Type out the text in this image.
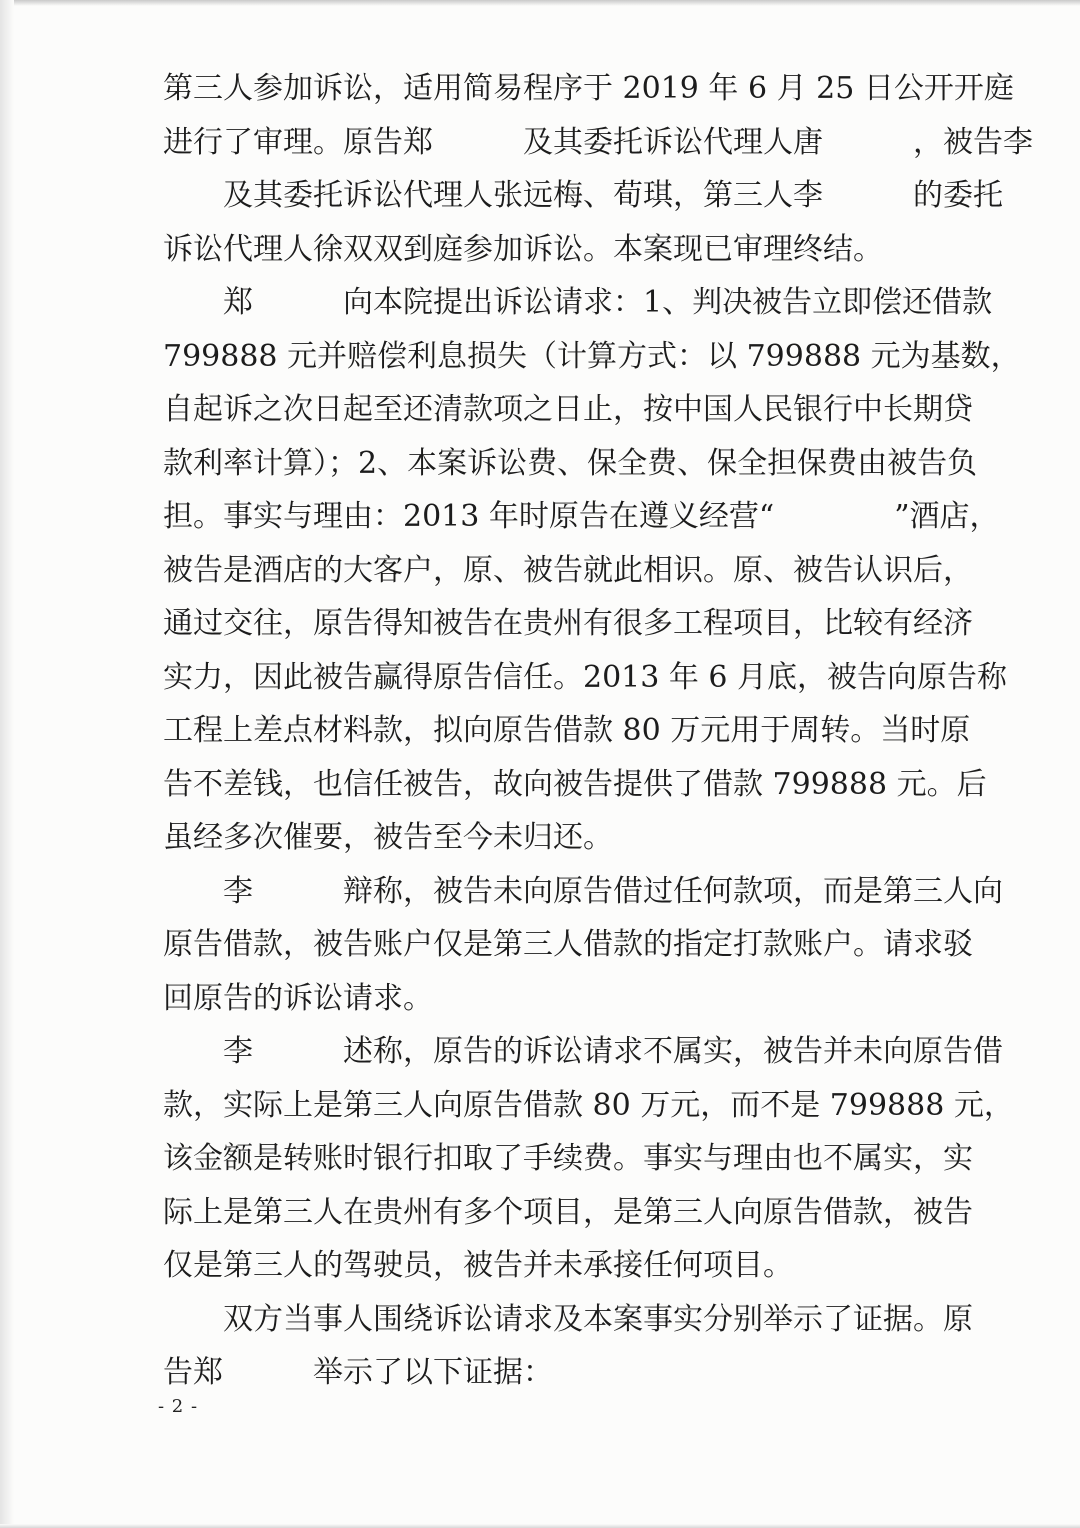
第三人参加诉讼，适用简易程序于 2019 年 6 月 25 日公开开庭
进行了审理。原告郑　　　及其委托诉讼代理人唐　　　，被告李
及其委托诉讼代理人张远梅、荀琪，第三人李　　　的委托
诉讼代理人徐双双到庭参加诉讼。本案现已审理终结。
郑　　　向本院提出诉讼请求：1、判决被告立即偿还借款
799888 元并赔偿利息损失（计算方式：以 799888 元为基数，
自起诉之次日起至还清款项之日止，按中国人民银行中长期贷
款利率计算）；2、本案诉讼费、保全费、保全担保费由被告负
担。事实与理由：2013 年时原告在遵义经营“　　　　”酒店，
被告是酒店的大客户，原、被告就此相识。原、被告认识后，
通过交往，原告得知被告在贵州有很多工程项目，比较有经济
实力，因此被告赢得原告信任。2013 年 6 月底，被告向原告称
工程上差点材料款，拟向原告借款 80 万元用于周转。当时原
告不差钱，也信任被告，故向被告提供了借款 799888 元。后
虽经多次催要，被告至今未归还。
李　　　辩称，被告未向原告借过任何款项，而是第三人向
原告借款，被告账户仅是第三人借款的指定打款账户。请求驳
回原告的诉讼请求。
李　　　述称，原告的诉讼请求不属实，被告并未向原告借
款，实际上是第三人向原告借款 80 万元，而不是 799888 元，
该金额是转账时银行扣取了手续费。事实与理由也不属实，实
际上是第三人在贵州有多个项目，是第三人向原告借款，被告
仅是第三人的驾驶员，被告并未承接任何项目。
双方当事人围绕诉讼请求及本案事实分别举示了证据。原
告郑　　　举示了以下证据：
- 2 -
